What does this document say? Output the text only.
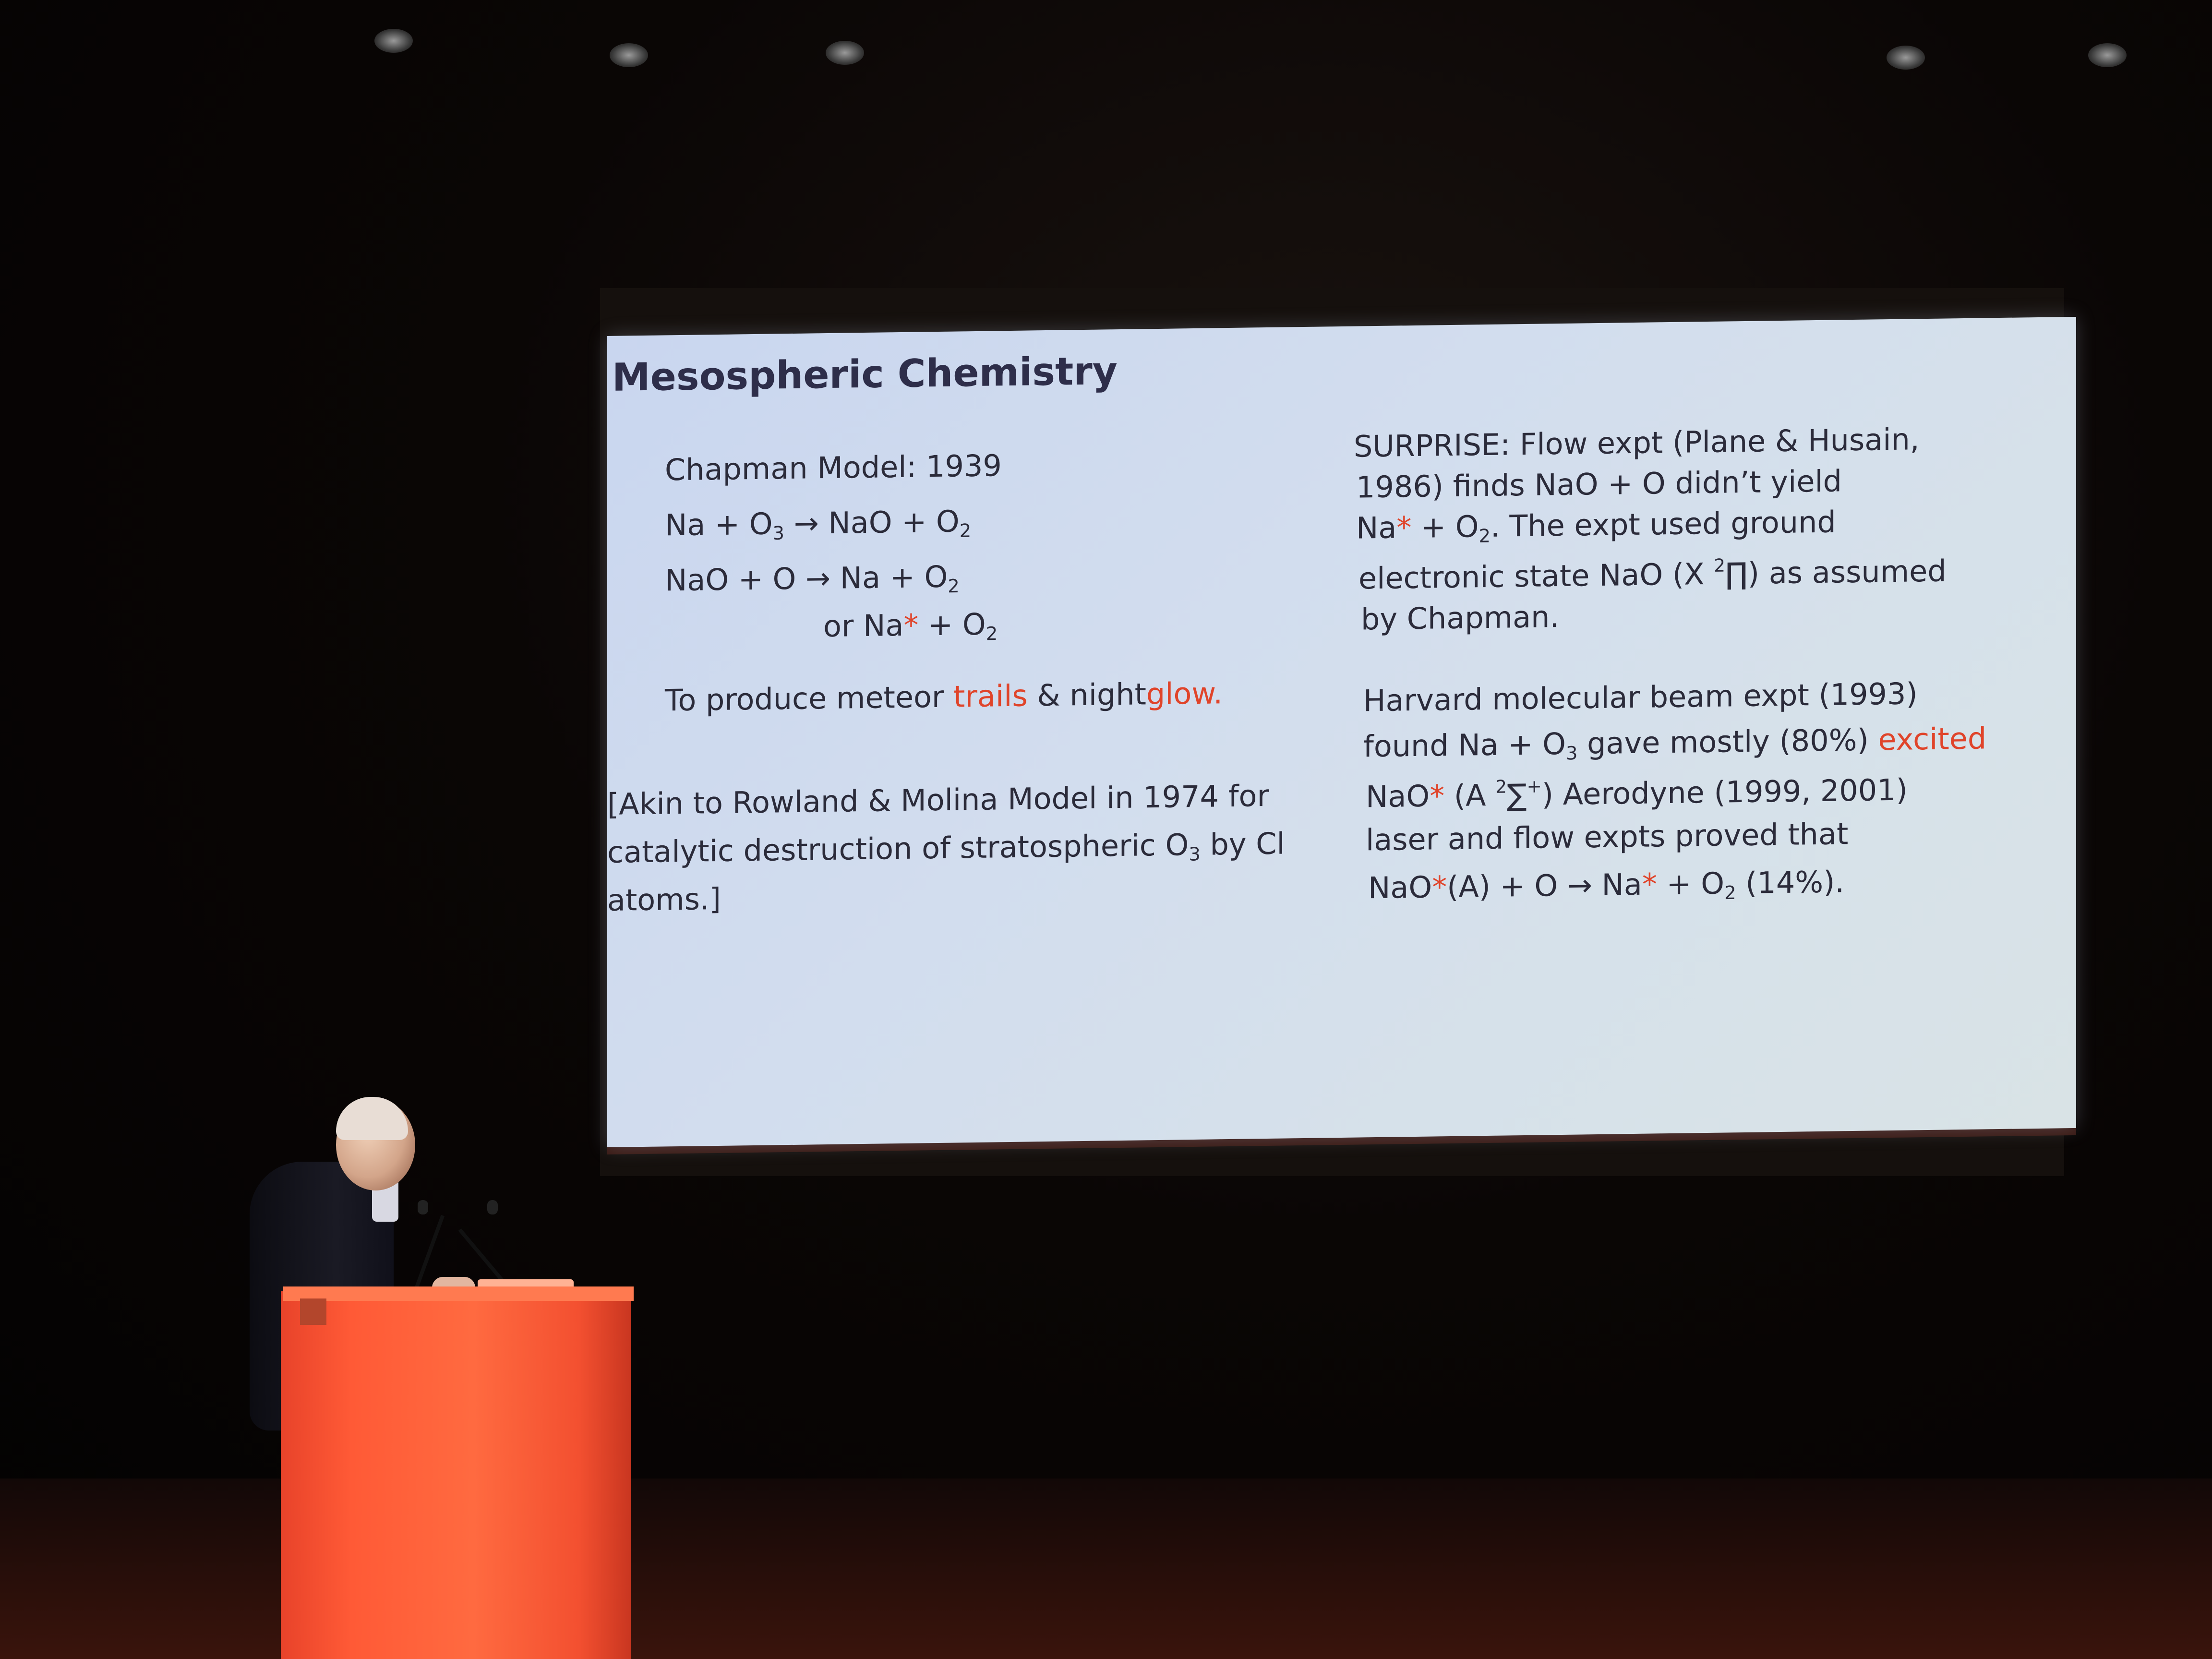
Mesospheric Chemistry
Chapman Model: 1939
$Na + O_3$ → NaO + $O_2$
NaO + $O \to Na + O_2$
or $Na* + O_2$
To produce meteor trails & nightglow.
[Akin to Rowland & Molina Model in 1974 for
catalytic destruction of stratospheric $O_3$ by Cl
atoms.]
SURPRISE: Flow expt (Plane & Husain,
1986) finds NaO + O didn’t yield
$Na* + O_2$. The expt used ground
electronic state NaO (X $^2$∏) as assumed
by Chapman.
Harvard molecular beam expt (1993)
found $Na + O_3$ gave mostly (80%) excited
NaO* (A $^2$∑+) Aerodyne (1999, 2001)
laser and flow expts proved that
$NaO*(A) + O \to Na* + O_2$ (14%).
